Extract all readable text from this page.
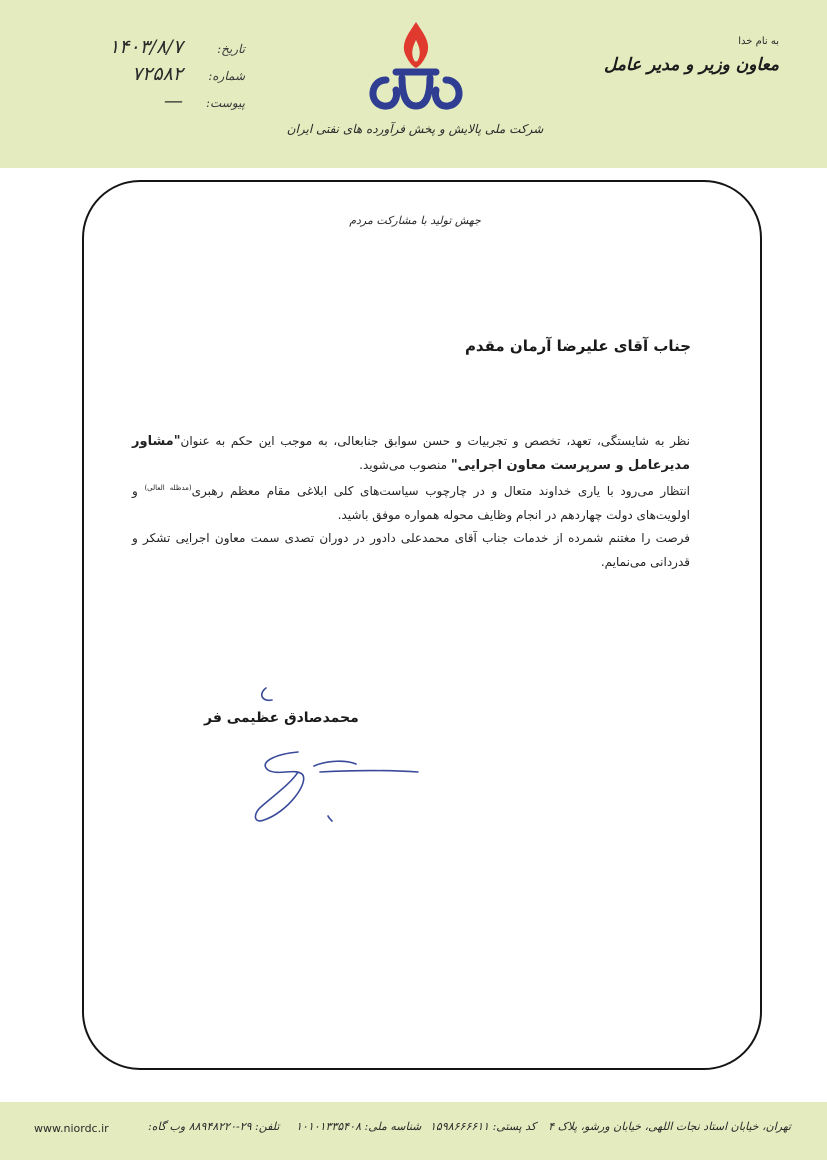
به نام خدا
معاون وزیر و مدیر عامل
تاریخ:
۱۴۰۳/۸/۷
شماره:
۷۲۵۸۲
پیوست:
—
شرکت ملی پالایش و پخش فرآورده های نفتی ایران
جهش تولید با مشارکت مردم
جناب آقای علیرضا آرمان مقدم

نظر به شایستگی، تعهد، تخصص و تجربیات و حسن سوابق جنابعالی، به موجب این حکم به عنوان"مشاور مدیرعامل و سرپرست معاون اجرایی" منصوب می‌شوید.

انتظار می‌رود با یاری خداوند متعال و در چارچوب سیاست‌های کلی ابلاغی مقام معظم رهبری$^{(مدظله العالی)}$ و اولویت‌های دولت چهاردهم در انجام وظایف محوله همواره موفق باشید.

فرصت را مغتنم شمرده از خدمات جناب آقای محمدعلی دادور در دوران تصدی سمت معاون اجرایی تشکر و قدردانی می‌نمایم.

محمدصادق عظیمی فر
www.niordc.ir	تلفن: ۲۹-۸۸۹۴۸۲۲۰ وب گاه: شناسه ملی: ۱۰۱۰۱۳۳۵۴۰۸ کد پستی: ۱۵۹۸۶۶۶۶۱۱ تهران، خیابان استاد نجات اللهی، خیابان ورشو، پلاک ۴
